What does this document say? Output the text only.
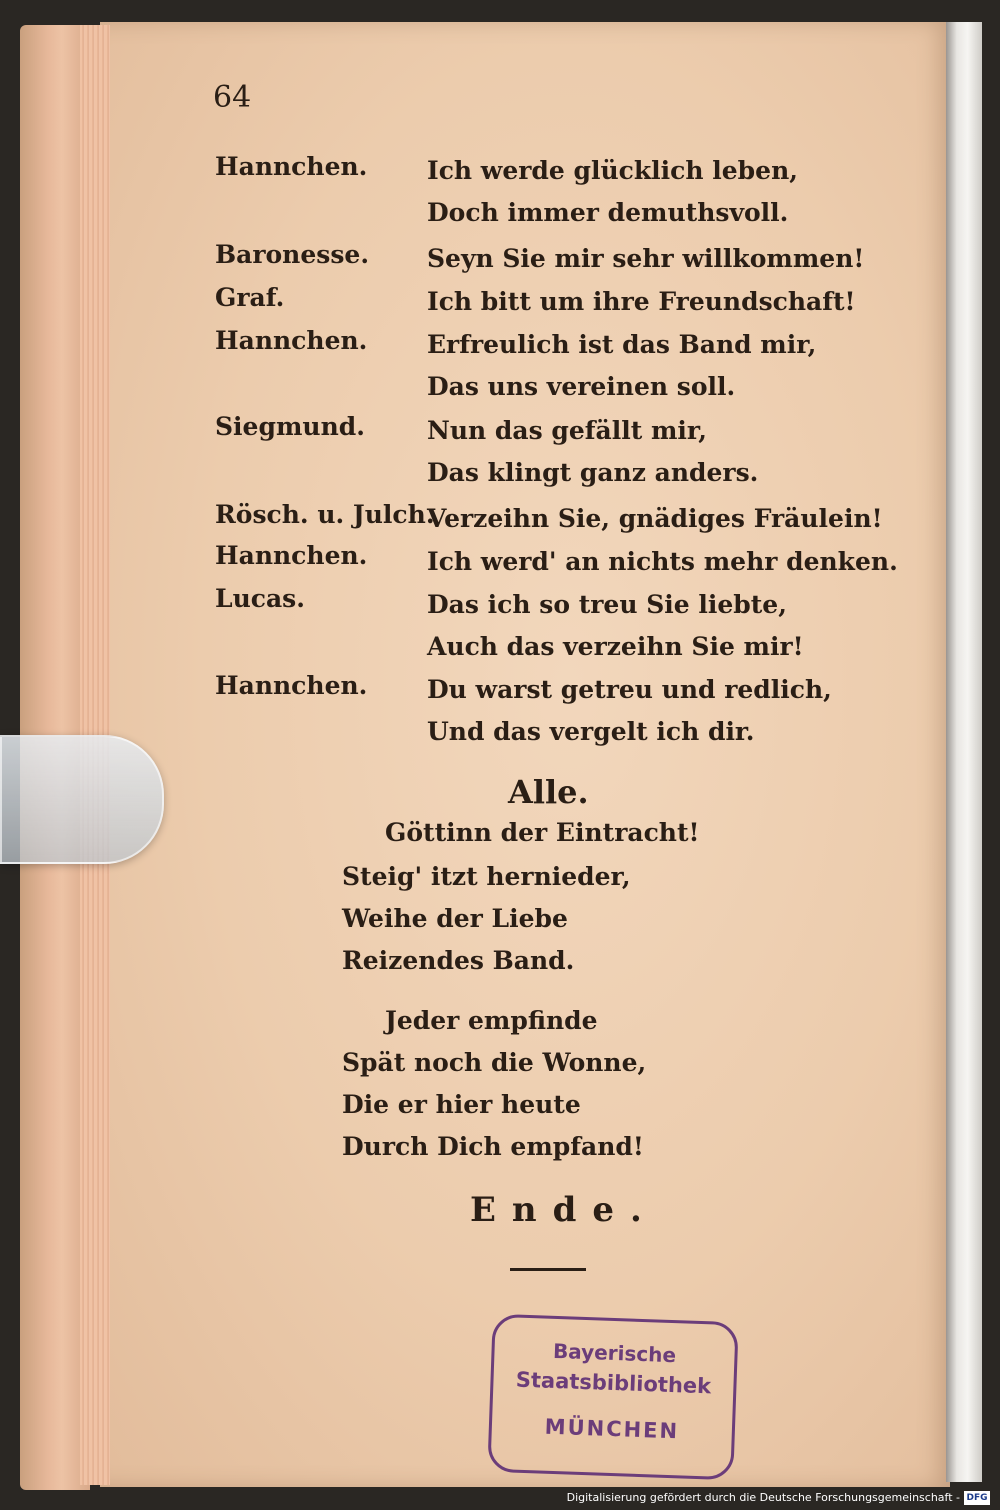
64
Hannchen. Ich werde glücklich leben,
Doch immer demuthsvoll.
Baronesse. Seyn Sie mir sehr willkommen!
Graf.	Ich bitt um ihre Freundschaft!
Hannchen. Erfreulich ist das Band mir,
Das uns vereinen soll.
Siegmund. Nun das gefällt mir,
Das klingt ganz anders.
Rösch. u. Julch.
Verzeihn Sie, gnädiges Fräulein!
Hannchen. Ich werd' an nichts mehr denken.
Lucas.	Das ich so treu Sie liebte,
Auch das verzeihn Sie mir!
Hannchen. Du warst getreu und redlich,
Und das vergelt ich dir.
Alle.
Göttinn der Eintracht!
Steig' itzt hernieder,
Weihe der Liebe
Reizendes Band.
Jeder empfinde
Spät noch die Wonne,
Die er hier heute
Durch Dich empfand!
Ende.
Bayerische
Staatsbibliothek
MÜNCHEN
Digitalisierung gefördert durch die Deutsche Forschungsgemeinschaft - DFG
